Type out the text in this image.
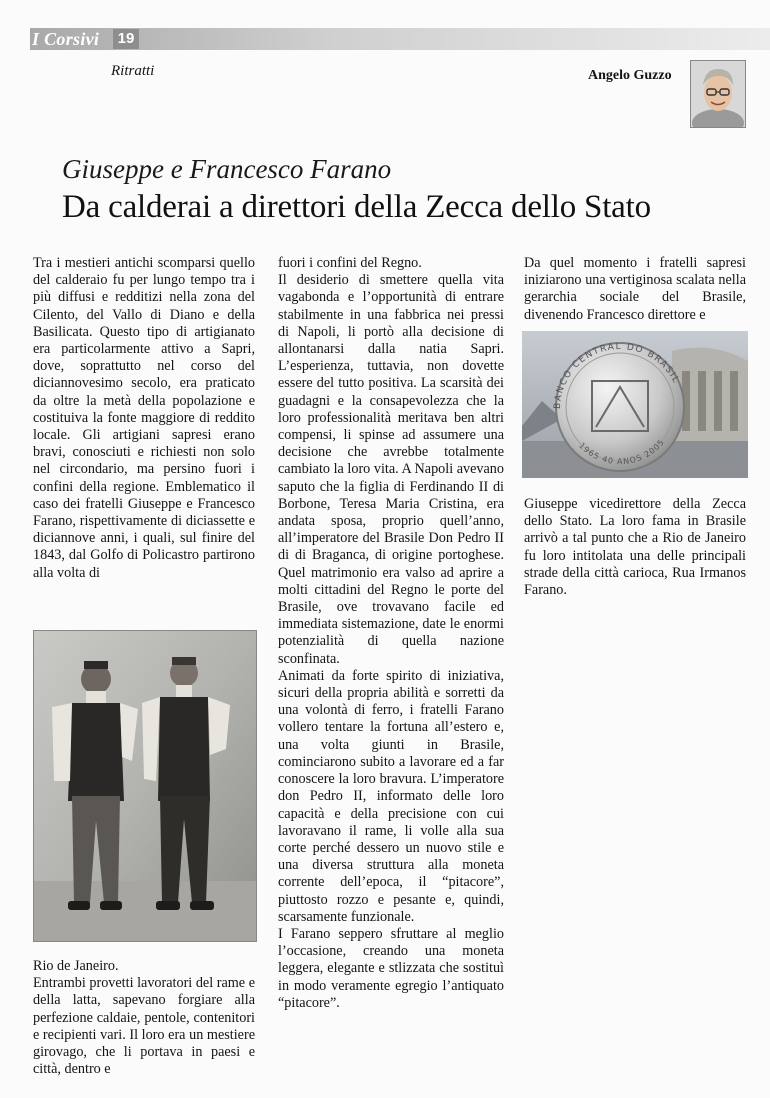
I Corsivi	19
Ritratti	Angelo Guzzo
Giuseppe e Francesco Farano
Da calderai a direttori della Zecca dello Stato

Tra i mestieri antichi scomparsi quello del calderaio fu per lungo tempo tra i più diffusi e redditizi nella zona del Cilento, del Vallo di Diano e della Basilicata. Questo tipo di artigianato era particolarmente attivo a Sapri, dove, soprattutto nel corso del diciannovesimo secolo, era praticato da oltre la metà della popolazione e costituiva la fonte maggiore di reddito locale. Gli artigiani sapresi erano bravi, conosciuti e richiesti non solo nel circondario, ma persino fuori i confini della regione. Emblematico il caso dei fratelli Giuseppe e Francesco Farano, rispettivamente di diciassette e diciannove anni, i quali, sul finire del 1843, dal Golfo di Policastro partirono alla volta di

Rio de Janeiro.

Entrambi provetti lavoratori del rame e della latta, sapevano forgiare alla perfezione caldaie, pentole, contenitori e recipienti vari. Il loro era un mestiere girovago, che li portava in paesi e città, dentro e

fuori i confini del Regno.

Il desiderio di smettere quella vita vagabonda e l’opportunità di entrare stabilmente in una fabbrica nei pressi di Napoli, li portò alla decisione di allontanarsi dalla natia Sapri. L’esperienza, tuttavia, non dovette essere del tutto positiva. La scarsità dei guadagni e la consapevolezza che la loro professionalità meritava ben altri compensi, li spinse ad assumere una decisione che avrebbe totalmente cambiato la loro vita. A Napoli avevano saputo che la figlia di Ferdinando II di Borbone, Teresa Maria Cristina, era andata sposa, proprio quell’anno, all’imperatore del Brasile Don Pedro II di di Braganca, di origine portoghese. Quel matrimonio era valso ad aprire a molti cittadini del Regno le porte del Brasile, ove trovavano facile ed immediata sistemazione, date le enormi potenzialità di quella nazione sconfinata.

Animati da forte spirito di iniziativa, sicuri della propria abilità e sorretti da una volontà di ferro, i fratelli Farano vollero tentare la fortuna all’estero e, una volta giunti in Brasile, cominciarono subito a lavorare ed a far conoscere la loro bravura. L’imperatore don Pedro II, informato delle loro capacità e della precisione con cui lavoravano il rame, li volle alla sua corte perché dessero un nuovo stile e una diversa struttura alla moneta corrente dell’epoca, il “pitacore”, piuttosto rozzo e pesante e, quindi, scarsamente funzionale.

I Farano seppero sfruttare al meglio l’occasione, creando una moneta leggera, elegante e stlizzata che sostituì in modo veramente egregio l’antiquato “pitacore”.

Da quel momento i fratelli sapresi iniziarono una vertiginosa scalata nella gerarchia sociale del Brasile, divenendo Francesco direttore e

BANCO CENTRAL DO BRASIL
1965 40 ANOS 2005

Giuseppe vicedirettore della Zecca dello Stato. La loro fama in Brasile arrivò a tal punto che a Rio de Janeiro fu loro intitolata una delle principali strade della città carioca, Rua Irmanos Farano.
